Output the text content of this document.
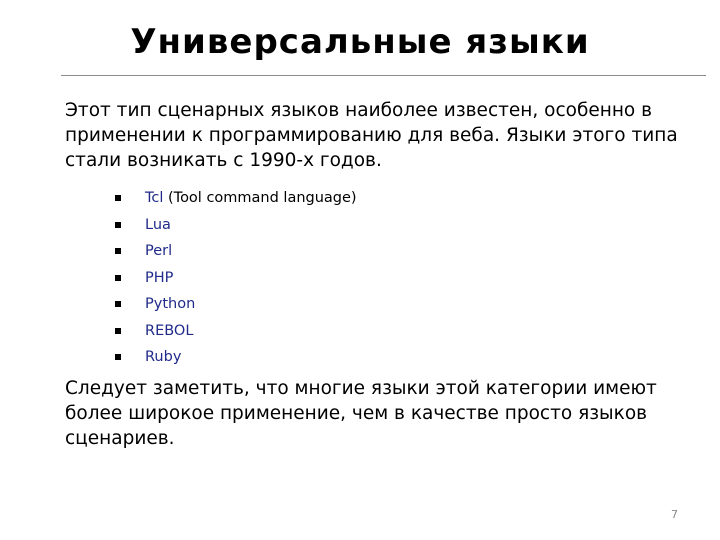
Универсальные языки

Этот тип сценарных языков наиболее известен, особенно в применении к программированию для веба. Языки этого типа стали возникать с 1990-х годов.

Tcl (Tool command language)
Lua
Perl
PHP
Python
REBOL
Ruby

Следует заметить, что многие языки этой категории имеют более широкое применение, чем в качестве просто языков сценариев.

7
